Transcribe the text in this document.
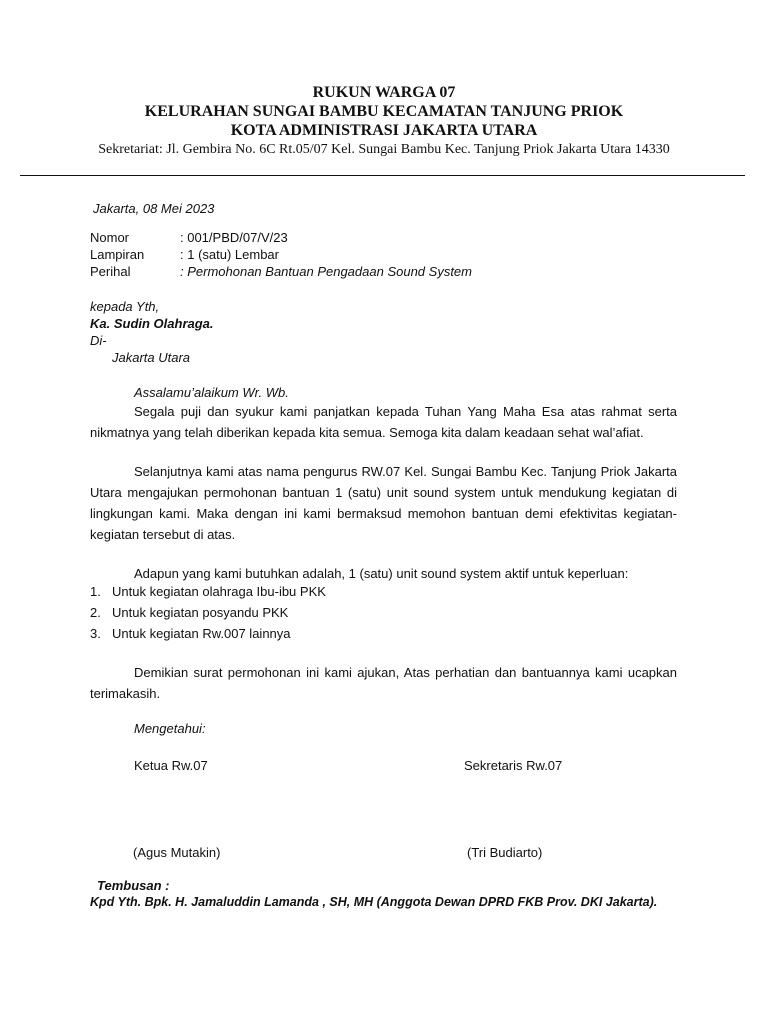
RUKUN WARGA 07
KELURAHAN SUNGAI BAMBU KECAMATAN TANJUNG PRIOK
KOTA ADMINISTRASI JAKARTA UTARA
Sekretariat: Jl. Gembira No. 6C Rt.05/07 Kel. Sungai Bambu Kec. Tanjung Priok Jakarta Utara 14330
Jakarta, 08 Mei 2023
Nomor	: 001/PBD/07/V/23
Lampiran	: 1 (satu) Lembar
Perihal	: Permohonan Bantuan Pengadaan Sound System
kepada Yth,
Ka. Sudin Olahraga.
Di-
Jakarta Utara
Assalamu’alaikum Wr. Wb.
Segala puji dan syukur kami panjatkan kepada Tuhan Yang Maha Esa atas rahmat serta nikmatnya yang telah diberikan kepada kita semua. Semoga kita dalam keadaan sehat wal’afiat.
Selanjutnya kami atas nama pengurus RW.07 Kel. Sungai Bambu Kec. Tanjung Priok Jakarta Utara mengajukan permohonan bantuan 1 (satu) unit sound system untuk mendukung kegiatan di lingkungan kami. Maka dengan ini kami bermaksud memohon bantuan demi efektivitas kegiatan-kegiatan tersebut di atas.
Adapun yang kami butuhkan adalah, 1 (satu) unit sound system aktif untuk keperluan:
1. Untuk kegiatan olahraga Ibu-ibu PKK
2. Untuk kegiatan posyandu PKK
3. Untuk kegiatan Rw.007 lainnya
Demikian surat permohonan ini kami ajukan, Atas perhatian dan bantuannya kami ucapkan terimakasih.
Mengetahui:
Ketua Rw.07	Sekretaris Rw.07
(Agus Mutakin)	(Tri Budiarto)
Tembusan :
Kpd Yth. Bpk. H. Jamaluddin Lamanda , SH, MH (Anggota Dewan DPRD FKB Prov. DKI Jakarta).
